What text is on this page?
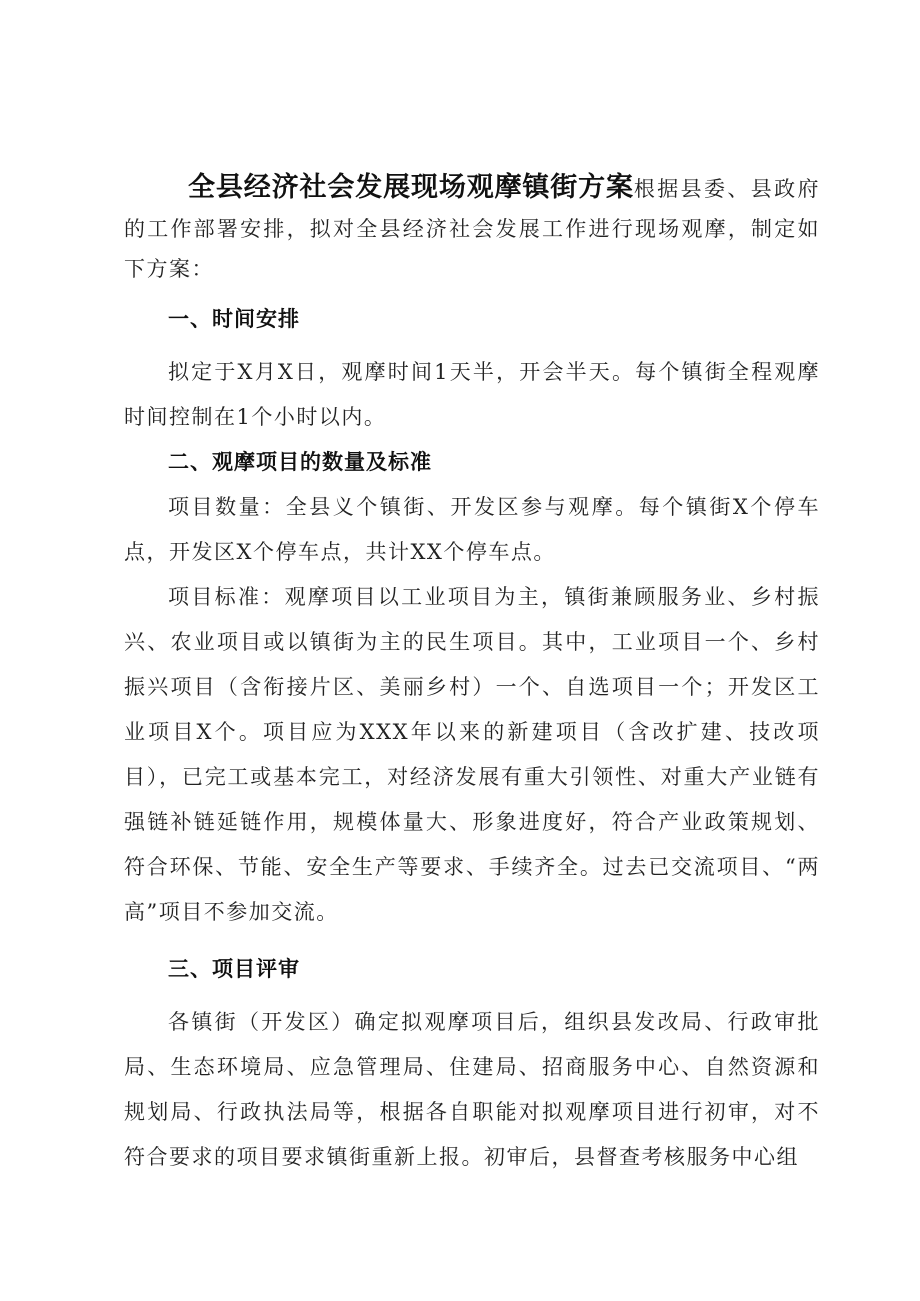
全县经济社会发展现场观摩镇街方案根据县委、县政府的工作部署安排，拟对全县经济社会发展工作进行现场观摩，制定如下方案：

一、时间安排

拟定于X月X日，观摩时间1天半，开会半天。每个镇街全程观摩时间控制在1个小时以内。

二、观摩项目的数量及标准

项目数量：全县义个镇街、开发区参与观摩。每个镇街X个停车点，开发区X个停车点，共计XX个停车点。

项目标准：观摩项目以工业项目为主，镇街兼顾服务业、乡村振兴、农业项目或以镇街为主的民生项目。其中，工业项目一个、乡村振兴项目（含衔接片区、美丽乡村）一个、自选项目一个；开发区工业项目X个。项目应为XXX年以来的新建项目（含改扩建、技改项目），已完工或基本完工，对经济发展有重大引领性、对重大产业链有强链补链延链作用，规模体量大、形象进度好，符合产业政策规划、符合环保、节能、安全生产等要求、手续齐全。过去已交流项目、“两高”项目不参加交流。

三、项目评审

各镇街（开发区）确定拟观摩项目后，组织县发改局、行政审批局、生态环境局、应急管理局、住建局、招商服务中心、自然资源和规划局、行政执法局等，根据各自职能对拟观摩项目进行初审，对不符合要求的项目要求镇街重新上报。初审后，县督查考核服务中心组
